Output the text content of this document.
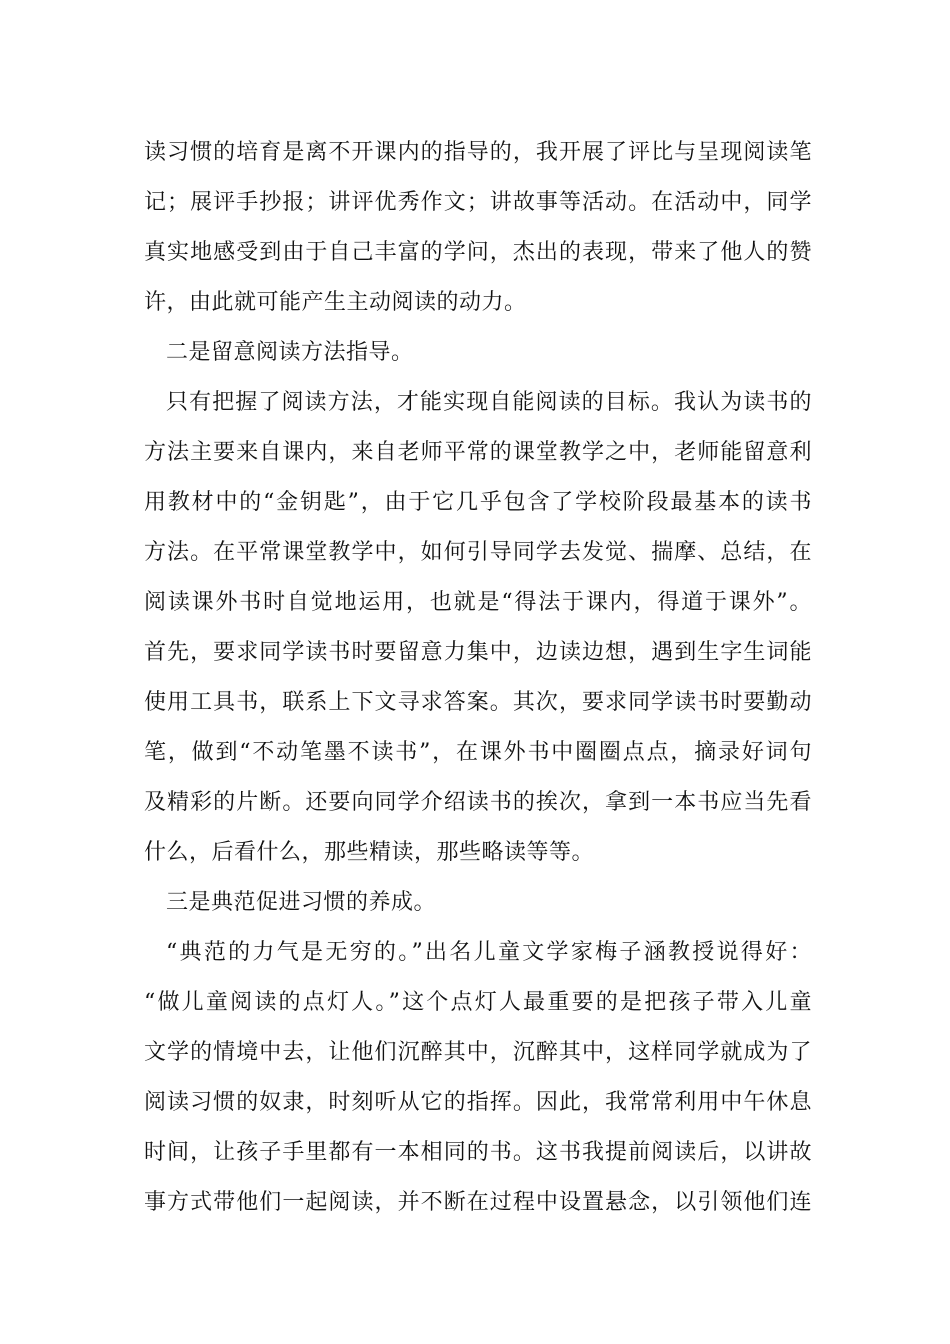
读习惯的培育是离不开课内的指导的，我开展了评比与呈现阅读笔
记；展评手抄报；讲评优秀作文；讲故事等活动。在活动中，同学
真实地感受到由于自己丰富的学问，杰出的表现，带来了他人的赞
许，由此就可能产生主动阅读的动力。
二是留意阅读方法指导。
只有把握了阅读方法，才能实现自能阅读的目标。我认为读书的
方法主要来自课内，来自老师平常的课堂教学之中，老师能留意利
用教材中的“金钥匙”，由于它几乎包含了学校阶段最基本的读书
方法。在平常课堂教学中，如何引导同学去发觉、揣摩、总结，在
阅读课外书时自觉地运用，也就是“得法于课内，得道于课外”。
首先，要求同学读书时要留意力集中，边读边想，遇到生字生词能
使用工具书，联系上下文寻求答案。其次，要求同学读书时要勤动
笔，做到“不动笔墨不读书”，在课外书中圈圈点点，摘录好词句
及精彩的片断。还要向同学介绍读书的挨次，拿到一本书应当先看
什么，后看什么，那些精读，那些略读等等。
三是典范促进习惯的养成。
“典范的力气是无穷的。”出名儿童文学家梅子涵教授说得好：
“做儿童阅读的点灯人。”这个点灯人最重要的是把孩子带入儿童
文学的情境中去，让他们沉醉其中，沉醉其中，这样同学就成为了
阅读习惯的奴隶，时刻听从它的指挥。因此，我常常利用中午休息
时间，让孩子手里都有一本相同的书。这书我提前阅读后，以讲故
事方式带他们一起阅读，并不断在过程中设置悬念，以引领他们连
